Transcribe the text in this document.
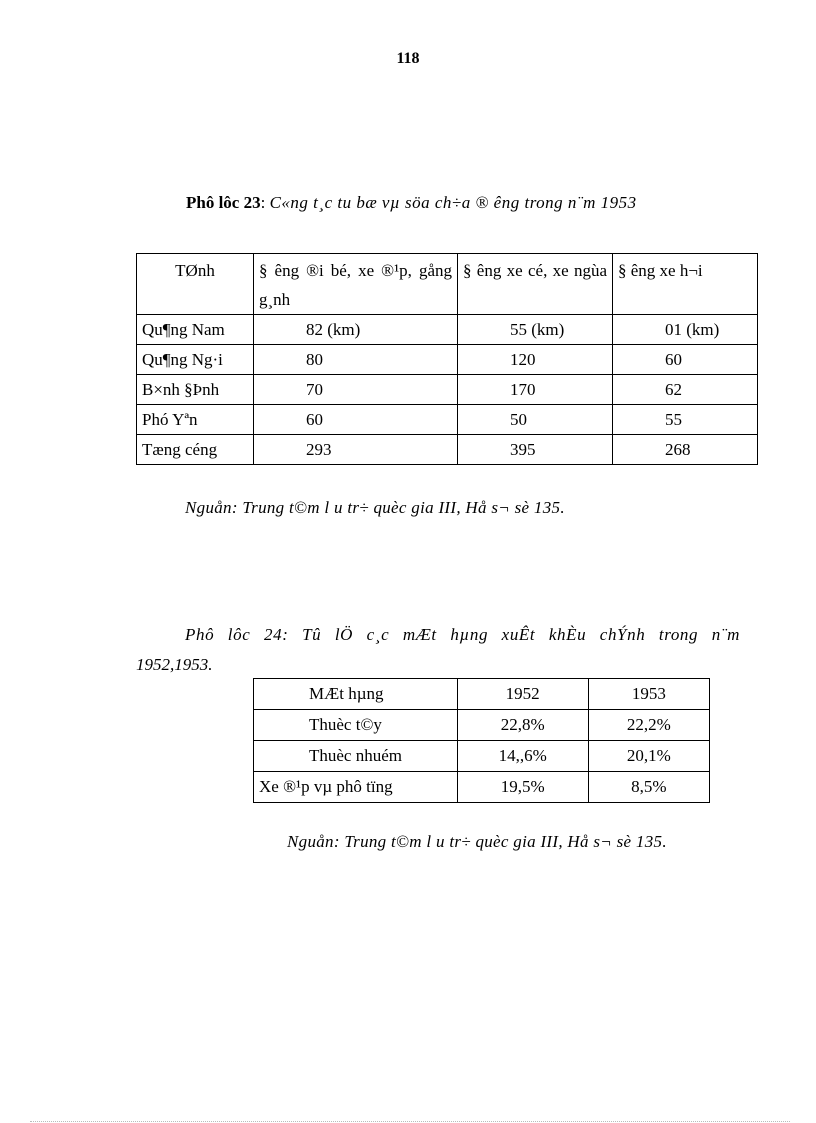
118
Phô lôc 23: C«ng t¸c tu bæ vµ söa ch÷a ® êng trong n¨m 1953
TØnh	§ êng ®i bé, xe ®¹p, gång g¸nh	§ êng xe cé, xe ngùa	§ êng xe h¬i
Qu¶ng Nam	82 (km)	55 (km)	01 (km)
Qu¶ng Ng·i	80	120	60
B×nh §Þnh	70	170	62
Phó Yªn	60	50	55
Tæng céng	293	395	268
Nguån: Trung t©m l u tr÷ quèc gia III, Hå s¬ sè 135.
Phô lôc 24: Tû lÖ c¸c mÆt hµng xuÊt khÈu chÝnh trong n¨m
1952,1953.
MÆt hµng	1952	1953
Thuèc t©y	22,8%	22,2%
Thuèc nhuém	14,,6%	20,1%
Xe ®¹p vµ phô tïng	19,5%	8,5%
Nguån: Trung t©m l u tr÷ quèc gia III, Hå s¬ sè 135.
